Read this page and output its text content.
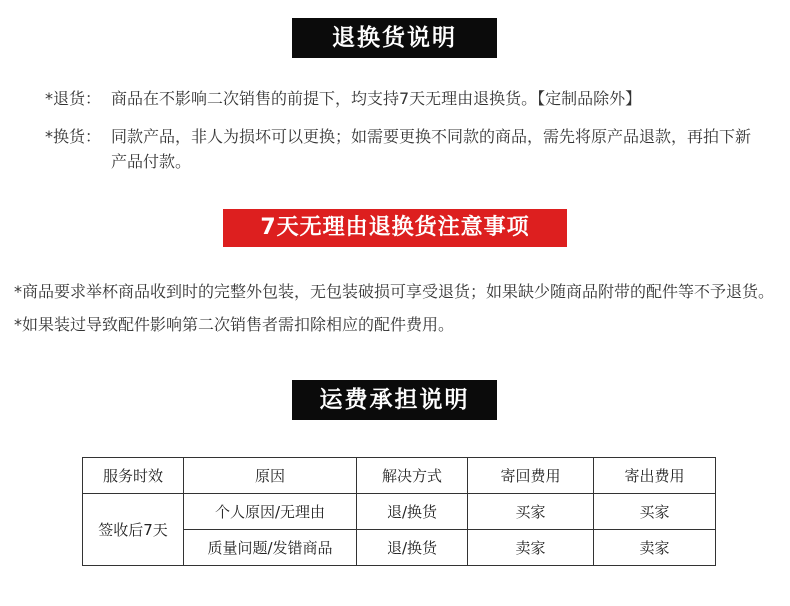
退换货说明
*退货： 商品在不影响二次销售的前提下，均支持7天无理由退换货。【定制品除外】
*换货： 同款产品，非人为损坏可以更换；如需要更换不同款的商品，需先将原产品退款，再拍下新产品付款。
7天无理由退换货注意事项
*商品要求举杯商品收到时的完整外包装，无包装破损可享受退货；如果缺少随商品附带的配件等不予退货。*如果装过导致配件影响第二次销售者需扣除相应的配件费用。
运费承担说明
服务时效	原因	解决方式	寄回费用	寄出费用
签收后7天	个人原因/无理由	退/换货	买家	买家
	质量问题/发错商品	退/换货	卖家	卖家
